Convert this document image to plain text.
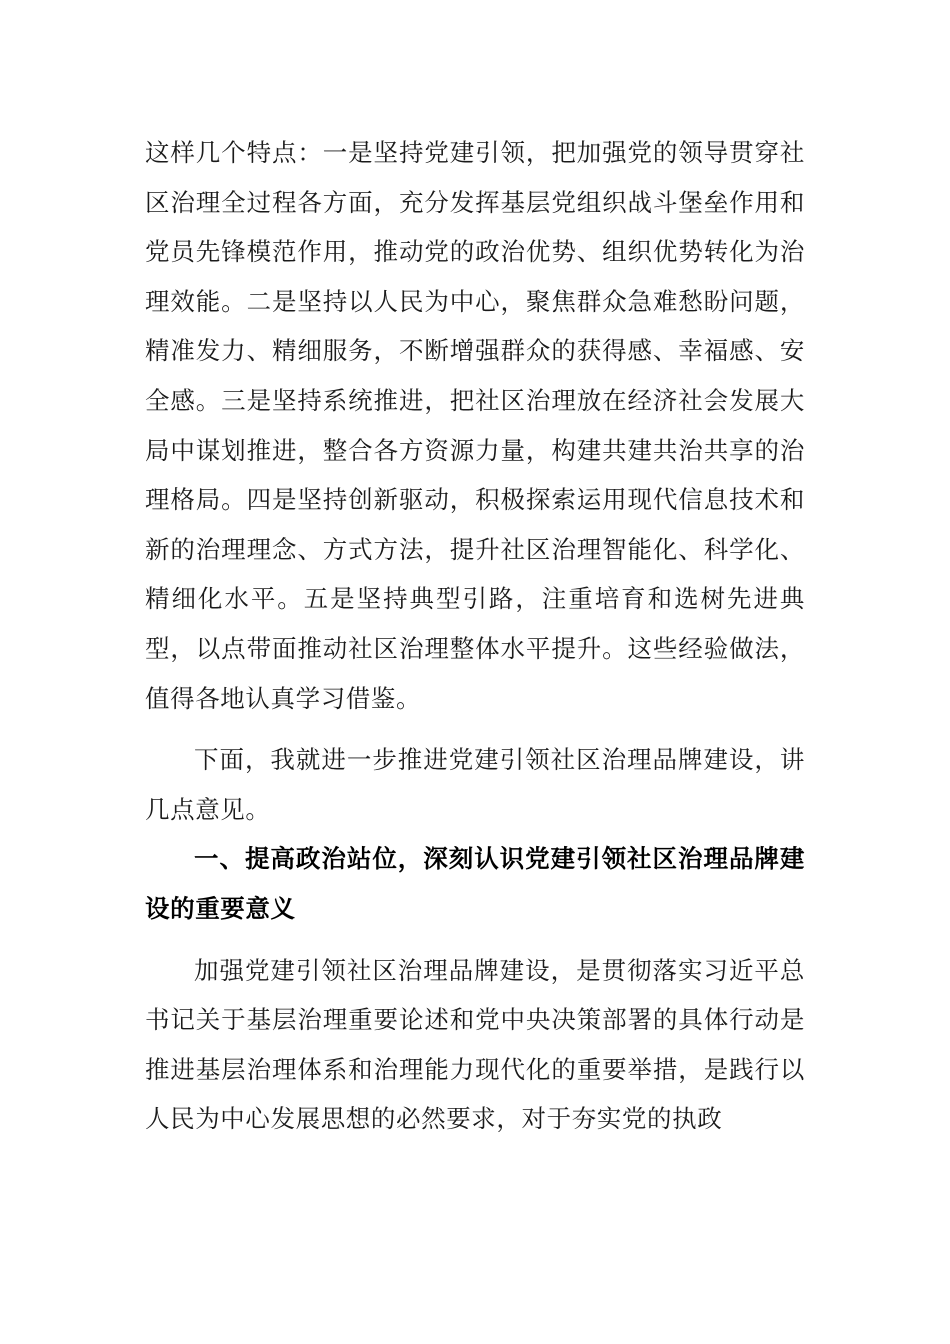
这样几个特点：一是坚持党建引领，把加强党的领导贯穿社区治理全过程各方面，充分发挥基层党组织战斗堡垒作用和党员先锋模范作用，推动党的政治优势、组织优势转化为治理效能。二是坚持以人民为中心，聚焦群众急难愁盼问题，精准发力、精细服务，不断增强群众的获得感、幸福感、安全感。三是坚持系统推进，把社区治理放在经济社会发展大局中谋划推进，整合各方资源力量，构建共建共治共享的治理格局。四是坚持创新驱动，积极探索运用现代信息技术和新的治理理念、方式方法，提升社区治理智能化、科学化、精细化水平。五是坚持典型引路，注重培育和选树先进典型，以点带面推动社区治理整体水平提升。这些经验做法，值得各地认真学习借鉴。

下面，我就进一步推进党建引领社区治理品牌建设，讲几点意见。

一、提高政治站位，深刻认识党建引领社区治理品牌建设的重要意义

加强党建引领社区治理品牌建设，是贯彻落实习近平总书记关于基层治理重要论述和党中央决策部署的具体行动是推进基层治理体系和治理能力现代化的重要举措，是践行以人民为中心发展思想的必然要求，对于夯实党的执政
